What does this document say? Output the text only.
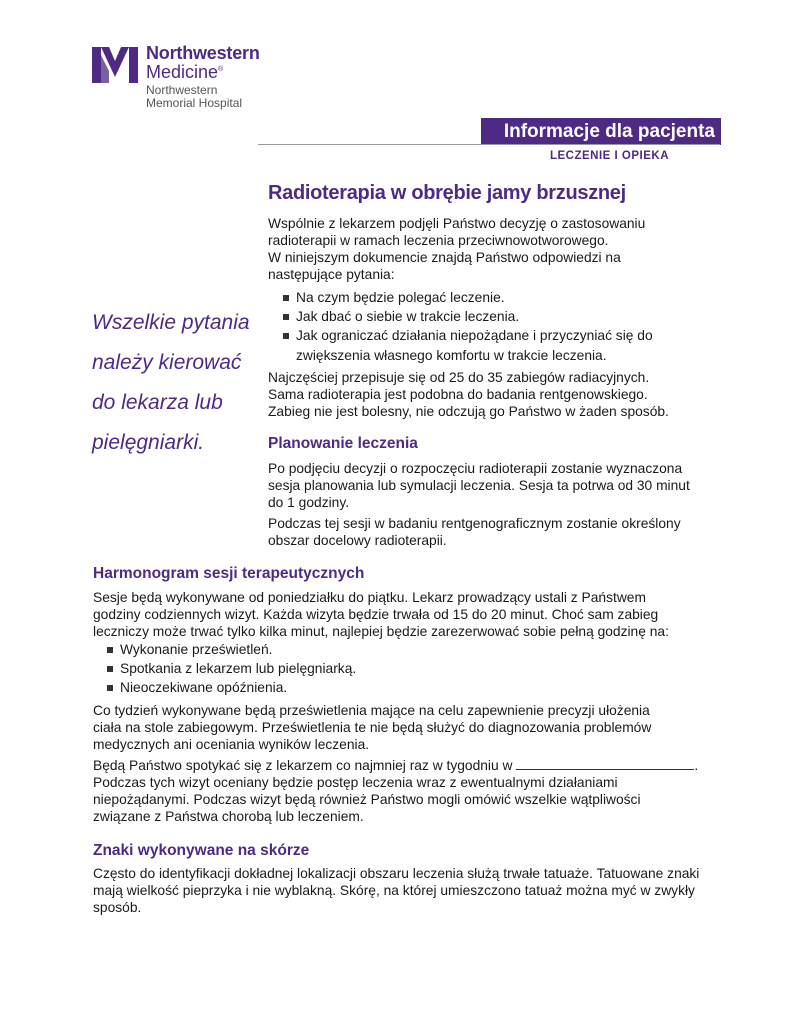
Northwestern
Medicine®
Northwestern
Memorial Hospital
Informacje dla pacjenta
LECZENIE I OPIEKA
Wszelkie pytania
należy kierować
do lekarza lub
pielęgniarki.
Radioterapia w obrębie jamy brzusznej
Wspólnie z lekarzem podjęli Państwo decyzję o zastosowaniu
radioterapii w ramach leczenia przeciwnowotworowego.
W niniejszym dokumencie znajdą Państwo odpowiedzi na
następujące pytania:
Na czym będzie polegać leczenie.
Jak dbać o siebie w trakcie leczenia.
Jak ograniczać działania niepożądane i przyczyniać się do
zwiększenia własnego komfortu w trakcie leczenia.
Najczęściej przepisuje się od 25 do 35 zabiegów radiacyjnych.
Sama radioterapia jest podobna do badania rentgenowskiego.
Zabieg nie jest bolesny, nie odczują go Państwo w żaden sposób.
Planowanie leczenia
Po podjęciu decyzji o rozpoczęciu radioterapii zostanie wyznaczona
sesja planowania lub symulacji leczenia. Sesja ta potrwa od 30 minut
do 1 godziny.
Podczas tej sesji w badaniu rentgenograficznym zostanie określony
obszar docelowy radioterapii.
Harmonogram sesji terapeutycznych
Sesje będą wykonywane od poniedziałku do piątku. Lekarz prowadzący ustali z Państwem
godziny codziennych wizyt. Każda wizyta będzie trwała od 15 do 20 minut. Choć sam zabieg
leczniczy może trwać tylko kilka minut, najlepiej będzie zarezerwować sobie pełną godzinę na:
Wykonanie prześwietleń.
Spotkania z lekarzem lub pielęgniarką.
Nieoczekiwane opóźnienia.
Co tydzień wykonywane będą prześwietlenia mające na celu zapewnienie precyzji ułożenia
ciała na stole zabiegowym. Prześwietlenia te nie będą służyć do diagnozowania problemów
medycznych ani oceniania wyników leczenia.
Będą Państwo spotykać się z lekarzem co najmniej raz w tygodniu w	.
Podczas tych wizyt oceniany będzie postęp leczenia wraz z ewentualnymi działaniami
niepożądanymi. Podczas wizyt będą również Państwo mogli omówić wszelkie wątpliwości
związane z Państwa chorobą lub leczeniem.
Znaki wykonywane na skórze
Często do identyfikacji dokładnej lokalizacji obszaru leczenia służą trwałe tatuaże. Tatuowane znaki
mają wielkość pieprzyka i nie wyblakną. Skórę, na której umieszczono tatuaż można myć w zwykły
sposób.
